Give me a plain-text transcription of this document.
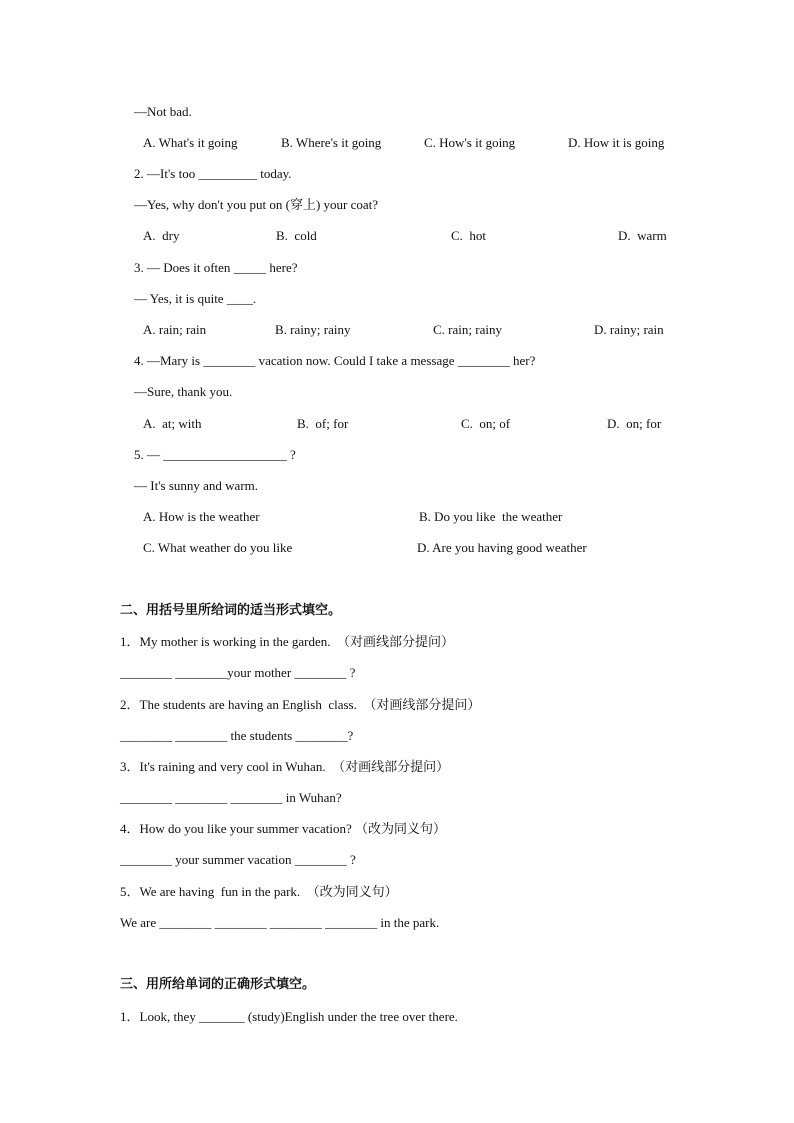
—Not bad.
A. What's it going	B. Where's it going	C. How's it going	D. How it is going
2. —It's too _________ today.
—Yes, why don't you put on (穿上) your coat?
A.  dry	B.  cold	C.  hot	D.  warm
3. — Does it often _____ here?
— Yes, it is quite ____.
A. rain; rain	B. rainy; rainy	C. rain; rainy	D. rainy; rain
4. —Mary is ________ vacation now. Could I take a message ________ her?
—Sure, thank you.
A.  at; with	B.  of; for	C.  on; of	D.  on; for
5. — ___________________ ?
— It's sunny and warm.
A. How is the weather	B. Do you like  the weather
C. What weather do you like	D. Are you having good weather
二、用括号里所给词的适当形式填空。
1．My mother is working in the garden.  （对画线部分提问）
________ ________your mother ________ ?
2．The students are having an English  class.  （对画线部分提问）
________ ________ the students ________?
3．It's raining and very cool in Wuhan.  （对画线部分提问）
________ ________ ________ in Wuhan?
4．How do you like your summer vacation? （改为同义句）
________ your summer vacation ________ ?
5．We are having  fun in the park.  （改为同义句）
We are ________ ________ ________ ________ in the park.
三、用所给单词的正确形式填空。
1．Look, they _______ (study)English under the tree over there.
